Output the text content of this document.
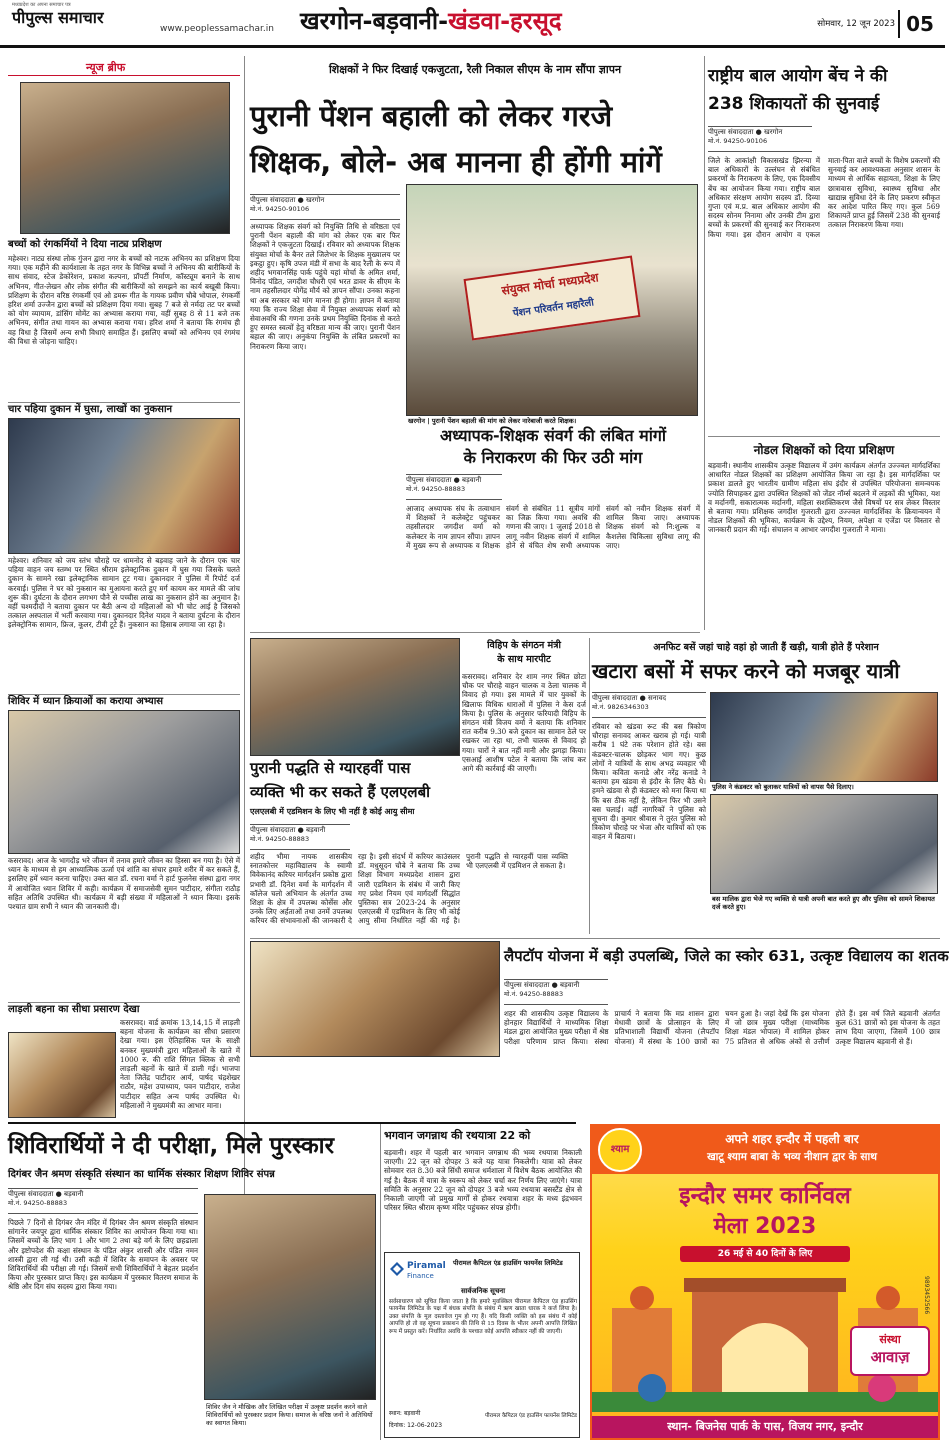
पीपुल्स समाचार
मध्यप्रदेश का अपना समाचार पत्र
www.peoplessamachar.in	खरगोन-बड़वानी-खंडवा-हरसूद	सोमवार, 12 जून 2023 05
न्यूज ब्रीफ
बच्चों को रंगकर्मियों ने दिया नाट्य प्रशिक्षण
महेश्वर। नाट्य संस्था लोक गुंजन द्वारा नगर के बच्चों को नाटक अभिनय का प्रशिक्षण दिया गया। एक महीने की कार्यशाला के तहत नगर के विभिन्न बच्चों ने अभिनय की बारीकियों के साथ संवाद, स्टेज डेकोरेशन, प्रकाश कल्पना, प्रॉपर्टी निर्माण, कॉस्ट्यूम बनाने के साथ अभिनय, गीत-लेखन और लोक संगीत की बारीकियों को समझने का कार्य बखूबी किया। प्रशिक्षण के दौरान वरिष्ठ रंगकर्मी एवं ओ डमरू गीत के गायक प्रवीण चौबे भोपाल, रंगकर्मी हरिश शर्मा उज्जैन द्वारा बच्चों को प्रशिक्षण दिया गया। सुबह 7 बजे से नर्मदा तट पर बच्चों को योग व्यायाम, डांसिंग मोमेंट का अभ्यास कराया गया, वहीं सुबह 8 से 11 बजे तक अभिनय, संगीत तथा गायन का अभ्यास कराया गया। हरिश शर्मा ने बताया कि रंगमंच ही वह विधा है जिसमें अन्य सभी विधाएं समाहित हैं। इसलिए बच्चों को अभिनय एवं रंगमंच की विधा से जोड़ना चाहिए।
चार पहिया दुकान में घुसा, लाखों का नुकसान
महेश्वर। शनिवार को जय स्तंभ चौराहे पर धामनोद से बड़वाह जाने के दौरान एक चार पहिया वाहन जय स्तम्भ पर स्थित श्रीराम इलेक्ट्रानिक दुकान में घुस गया जिसके चलते दुकान के सामने रखा इलेक्ट्रानिक सामान टूट गया। दुकानदार ने पुलिस में रिपोर्ट दर्ज करवाई। पुलिस ने घर को नुकसान का मुआयना करते हुए मर्ग कायम कर मामले की जांच शुरू की। दुर्घटना के दौरान लगभग पौने से पच्चीस लाख का नुकसान होने का अनुमान है। वहीं चश्मदीदों ने बताया दुकान पर बैठी अन्य दो महिलाओं को भी चोट आई है जिसको तत्काल अस्पताल में भर्ती करवाया गया। दुकानदार दिनेश यादव ने बताया दुर्घटना के दौरान इलेक्ट्रोनिक सामान, फ्रिज, कूलर, टीवी टूटे हैं। नुकसान का हिसाब लगाया जा रहा है।
शिविर में ध्यान क्रियाओं का कराया अभ्यास
कसरावद। आज के भागदौड़ भरे जीवन में तनाव हमारे जीवन का हिस्सा बन गया है। ऐसे में ध्यान के माध्यम से हम आध्यात्मिक ऊर्जा एवं शांति का संचार हमारे शरीर में कर सकते हैं, इसलिए हमें ध्यान करना चाहिए। उक्त बात डॉ. रचना वर्मा ने हार्ट फुलनेस संस्था द्वारा नगर में आयोजित ध्यान शिविर में कही। कार्यक्रम में समाजसेवी सुमन पाटीदार, संगीता राठौड़ सहित अतिथि उपस्थित थी। कार्यक्रम में बड़ी संख्या में महिलाओं ने ध्यान किया। इसके पश्चात ग्राम सभी ने ध्यान की जानकारी दी।
लाड़ली बहना का सीधा प्रसारण देखा
कसरावद। वार्ड क्रमांक 13,14,15 में लाड़ली बहना योजना के कार्यक्रम का सीधा प्रसारण देखा गया। इस ऐतिहासिक पल के साक्षी बनकर मुख्यमंत्री द्वारा महिलाओं के खाते में 1000 रु. की राशि सिंगल क्लिक से सभी लाड़ली बहनों के खाते में डाली गई। भाजपा नेता जितेंद्र पाटीदार आर्य, पार्षद चंद्रशेखर राठौर, महेश उपाध्याय, पवन पाटीदार, राजेश पाटीदार सहित अन्य पार्षद उपस्थित थे। महिलाओं ने मुख्यमंत्री का आभार माना।
शिक्षकों ने फिर दिखाई एकजुटता, रैली निकाल सीएम के नाम सौंपा ज्ञापन
पुरानी पेंशन बहाली को लेकर गरजे
शिक्षक, बोले- अब मानना ही होंगी मांगें
पीपुल्स संवाददाता ● खरगोन
मो.नं. 94250-90106
अध्यापक शिक्षक संवर्ग को नियुक्ति तिथि से वरिष्ठता एवं पुरानी पेंशन बहाली की मांग को लेकर एक बार फिर शिक्षकों ने एकजुटता दिखाई। रविवार को अध्यापक शिक्षक संयुक्त मोर्चा के बैनर तले जिलेभर के शिक्षक मुख्यालय पर इकट्ठा हुए। कृषि उपज मंडी में सभा के बाद रैली के रूप में शहीद भगवानसिंह पार्क पहुंचे यहां मोर्चा के अमित शर्मा, विनोद पंडित, जगदीश चौधरी एवं भरत डावर के सीएम के नाम तहसीलदार योगेंद्र मौर्य को ज्ञापन सौंपा। उनका कहना था अब सरकार को मांग मानना ही होगा। ज्ञापन में बताया गया कि राज्य शिक्षा सेवा में नियुक्त अध्यापक संवर्ग को सेवाअवधि की गणना उनके प्रथम नियुक्ति दिनांक से करते हुए समस्त स्वत्वों हेतु वरिष्ठता मान्य की जाए। पुरानी पेंशन बहाल की जाए। अनुकंपा नियुक्ति के लंबित प्रकरणों का निराकरण किया जाए।
संयुक्त मोर्चा मध्यप्रदेश
पेंशन परिवर्तन महारैली
खरगोन | पुरानी पेंशन बहाली की मांग को लेकर नारेबाजी करते शिक्षक।
अध्यापक-शिक्षक संवर्ग की लंबित मांगों
के निराकरण की फिर उठी मांग
पीपुल्स संवाददाता ● बड़वानी
मो.नं. 94250-88883
आजाद अध्यापक संघ के तत्वाधान में शिक्षकों ने कलेक्ट्रेट पहुंचकर तहसीलदार जगदीश वर्मा को कलेक्टर के नाम ज्ञापन सौंपा। ज्ञापन में मुख्य रूप से अध्यापक व शिक्षक संवर्ग से संबंधित 11 सूत्रीय मांगों का जिक्र किया गया। अवधि की गणना की जाए। 1 जुलाई 2018 से लागू नवीन शिक्षक संवर्ग में शामिल होने से वंचित शेष सभी अध्यापक संवर्ग को नवीन शिक्षक संवर्ग में शामिल किया जाए। अध्यापक शिक्षक संवर्ग को नि:शुल्क व कैशलेस चिकित्सा सुविधा लागू की जाए।
राष्ट्रीय बाल आयोग बेंच ने की
238 शिकायतों की सुनवाई
पीपुल्स संवाददाता ● खरगोन
मो.नं. 94250-90106
जिले के आकांक्षी विकासखंड झिरन्या में बाल अधिकारों के उल्लंघन से संबंधित प्रकरणों के निराकरण के लिए, एक दिवसीय बेंच का आयोजन किया गया। राष्ट्रीय बाल अधिकार संरक्षण आयोग सदस्य डॉ. दिव्या गुप्ता एवं म.प्र. बाल अधिकार आयोग की सदस्य सोनम निनामा और उनकी टीम द्वारा बच्चों के प्रकरणों की सुनवाई कर निराकरण किया गया। इस दौरान आयोग व एकल माता-पिता वाले बच्चों के विशेष प्रकरणों की सुनवाई कर आवश्यकता अनुसार शासन के माध्यम से आर्थिक सहायता, शिक्षा के लिए छात्रावास सुविधा, स्वास्थ्य सुविधा और खाद्यान्न सुविधा देने के लिए प्रकरण स्वीकृत कर आदेश पारित किए गए। कुल 569 शिकायतें प्राप्त हुई जिसमें 238 की सुनवाई तत्काल निराकरण किया गया।
नोडल शिक्षकों को दिया प्रशिक्षण
बड़वानी। स्थानीय शासकीय उत्कृष्ट विद्यालय में उमंग कार्यक्रम अंतर्गत उज्ज्वल मार्गदर्शिका आधारित नोडल शिक्षकों का प्रशिक्षण आयोजित किया जा रहा है। इस मार्गदर्शिका पर प्रकाश डालते हुए भारतीय ग्रामीण महिला संघ इंदौर से उपस्थित परियोजना समन्वयक ज्योति सिपाहकर द्वारा उपस्थित शिक्षकों को जेंडर नॉर्म्स बदलने में लड़कों की भूमिका, यश व मर्दानगी, सकारात्मक मर्दानगी, महिला सशक्तिकरण जैसे विषयों पर सत्र लेकर विस्तार से बताया गया। प्रशिक्षक जगदीश गुजराती द्वारा उज्ज्वल मार्गदर्शिका के क्रियान्वयन में नोडल शिक्षकों की भूमिका, कार्यक्रम के उद्देश्य, नियम, अपेक्षा व एजेंडा पर विस्तार से जानकारी प्रदान की गई। संचालन व आभार जगदीश गुजराती ने माना।
पुरानी पद्धति से ग्यारहवीं पास
व्यक्ति भी कर सकते हैं एलएलबी
एलएलबी में एडमिशन के लिए भी नहीं है कोई आयु सीमा
पीपुल्स संवाददाता ● बड़वानी
मो.नं. 94250-88883
शहीद भीमा नायक शासकीय स्नातकोत्तर महाविद्यालय के स्वामी विवेकानंद करियर मार्गदर्शन प्रकोष्ठ द्वारा प्रभारी डॉ. दिनेश वर्मा के मार्गदर्शन में कॉलेज चलो अभियान के अंतर्गत उच्च शिक्षा के क्षेत्र में उपलब्ध कोर्सेस और उनके लिए अर्हताओं तथा उनमें उपलब्ध करियर की संभावनाओं की जानकारी दे रहा है। इसी संदर्भ में करियर काउंसलर डॉ. मधुसूदन चौबे ने बताया कि उच्च शिक्षा विभाग मध्यप्रदेश शासन द्वारा जारी एडमिशन के संबंध में जारी किए गए प्रवेश नियम एवं मार्गदर्शी सिद्धांत पुस्तिका सत्र 2023-24 के अनुसार एलएलबी में एडमिशन के लिए भी कोई आयु सीमा निर्धारित नहीं की गई है। पुरानी पद्धति से ग्यारहवीं पास व्यक्ति भी एलएलबी में एडमिशन ले सकता है।
विहिप के संगठन मंत्री
के साथ मारपीट
कसरावद। शनिवार देर शाम नगर स्थित छोटा चौक पर चौराहे वाहन चालक व ठेला चालक में विवाद हो गया। इस मामले में चार युवकों के खिलाफ विधिक धाराओं में पुलिस ने केस दर्ज किया है। पुलिस के अनुसार फरियादी विहिप के संगठन मंत्री विजय वर्मा ने बताया कि शनिवार रात करीब 9.30 बजे दुकान का सामान ठेले पर रखकर जा रहा था, तभी चालक से विवाद हो गया। चारों ने बात नहीं मानी और झगड़ा किया। एसआई आशीष पटेल ने बताया कि जांच कर आगे की कार्रवाई की जाएगी।
अनफिट बसें जहां चाहे वहां हो जाती हैं खड़ी, यात्री होते हैं परेशान
खटारा बसों में सफर करने को मजबूर यात्री
पीपुल्स संवाददाता ● सनावद
मो.नं. 9826346303
रविवार को खंडवा रूट की बस त्रिकोण चौराहा सनावद आकर खराब हो गई। यात्री करीब 1 घंटे तक परेशान होते रहे। बस कंडक्टर-चालक छोड़कर भाग गए। कुछ लोगों ने यात्रियों के साथ अभद्र व्यवहार भी किया। कविता कनाडे और नरेंद्र कनाडे ने बताया हम खंडवा से इंदौर के लिए बैठे थे। हमने खंडवा से ही कंडक्टर को मना किया था कि बस ठीक नहीं है, लेकिन फिर भी उसने बस चलाई। वहीं नागरिकों ने पुलिस को सूचना दी। कुमार श्रीवास ने तुरंत पुलिस को त्रिकोण चौराहे पर भेजा और यात्रियों को एक वाहन में बिठाया।
पुलिस ने कंडक्टर को बुलाकर यात्रियों को वापस पैसे दिलाए।
बस मालिक द्वारा भेजे गए व्यक्ति से यात्री अपनी बात करते हुए और पुलिस को सामने शिकायत दर्ज करते हुए।
लैपटॉप योजना में बड़ी उपलब्धि, जिले का स्कोर 631, उत्कृष्ट विद्यालय का शतक
पीपुल्स संवाददाता ● बड़वानी
मो.नं. 94250-88883
शहर की शासकीय उत्कृष्ट विद्यालय के होनहार विद्यार्थियों ने माध्यमिक शिक्षा मंडल द्वारा आयोजित मुख्य परीक्षा में श्रेष्ठ परीक्षा परिणाम प्राप्त किया। संस्था प्राचार्य ने बताया कि मप्र शासन द्वारा मेधावी छात्रों के प्रोत्साहन के लिए प्रतिभाशाली विद्यार्थी योजना (लैपटॉप योजना) में संस्था के 100 छात्रों का चयन हुआ है। जहां देखें कि इस योजना में जो छात्र मुख्य परीक्षा (माध्यमिक शिक्षा मंडल भोपाल) में शामिल होकर 75 प्रतिशत से अधिक अंकों से उत्तीर्ण होते हैं। इस वर्ष जिले बड़वानी अंतर्गत कुल 631 छात्रों को इस योजना के तहत लाभ दिया जाएगा, जिसमें 100 छात्र उत्कृष्ट विद्यालय बड़वानी से हैं।
शिविरार्थियों ने दी परीक्षा, मिले पुरस्कार
दिगंबर जैन श्रमण संस्कृति संस्थान का धार्मिक संस्कार शिक्षण शिविर संपन्न
पीपुल्स संवाददाता ● बड़वानी
मो.नं. 94250-88883
पिछले 7 दिनों से दिगंबर जैन मंदिर में दिगंबर जैन श्रमण संस्कृति संस्थान सांगानेर जयपुर द्वारा धार्मिक संस्कार शिविर का आयोजन किया गया था। जिसमें बच्चों के लिए भाग 1 और भाग 2 तथा बड़े वर्ग के लिए छहढाला और इष्टोपदेश की कक्षा संस्थान के पंडित अंकुर शास्त्री और पंडित नमन शास्त्री द्वारा ली गई थी। उसी कड़ी में शिविर के समापन के अवसर पर शिविरार्थियों की परीक्षा ली गई। जिसमें सभी शिविरार्थियों ने बेहतर प्रदर्शन किया और पुरस्कार प्राप्त किए। इस कार्यक्रम में पुरस्कार वितरण समाज के श्रेष्ठि और दिग संघ सदस्य द्वारा किया गया।
शिविर जैन ने मौखिक और लिखित परीक्षा में उत्कृष्ट प्रदर्शन करने वाले शिविरार्थियों को पुरस्कार प्रदान किया। समाज के वरिष्ठ जनों ने अतिथियों का स्वागत किया।
भगवान जगन्नाथ की रथयात्रा 22 को
बड़वानी। शहर में पहली बार भगवान जगन्नाथ की भव्य रथयात्रा निकाली जाएगी। 22 जून को दोपहर 3 बजे यह यात्रा निकलेगी। यात्रा को लेकर सोमवार रात 8.30 बजे सिंधी समाज धर्मशाला में विशेष बैठक आयोजित की गई है। बैठक में यात्रा के स्वरूप को लेकर चर्चा कर निर्णय लिए जाएंगे। यात्रा समिति के अनुसार 22 जून को दोपहर 3 बजे भव्य रथयात्रा बसस्टैंड क्षेत्र से निकाली जाएगी जो प्रमुख मार्गों से होकर रथयात्रा शहर के मध्य इंद्रभवन परिसर स्थित श्रीराम कृष्ण मंदिर पहुंचकर संपन्न होगी।
Piramal
Finance
पीरामल कैपिटल एंड हाउसिंग फायनेंस लिमिटेड
सार्वजनिक सूचना
सर्वसाधारण को सूचित किया जाता है कि हमारे मुवक्किल पीरामल कैपिटल एंड हाउसिंग फायनेंस लिमिटेड के पक्ष में बंधक संपत्ति के संबंध में ऋण खाता धारक ने कर्ज लिया है। उक्त संपत्ति के मूल दस्तावेज गुम हो गए हैं। यदि किसी व्यक्ति को इस संबंध में कोई आपत्ति हो तो वह सूचना प्रकाशन की तिथि से 15 दिवस के भीतर अपनी आपत्ति लिखित रूप में प्रस्तुत करें। निर्धारित अवधि के पश्चात कोई आपत्ति स्वीकार नहीं की जाएगी।
स्थान: बड़वानी
दिनांक: 12-06-2023
पीरामल कैपिटल एंड हाउसिंग फायनेंस लिमिटेड
श्याम
अपने शहर इन्दौर में पहली बार
खाटू श्याम बाबा के भव्य नीशान द्वार के साथ
इन्दौर समर कार्निवल
मेला 2023
26 मई से 40 दिनों के लिए
संस्था
आवाज़
9893452566
स्थान- बिजनेस पार्क के पास, विजय नगर, इन्दौर
